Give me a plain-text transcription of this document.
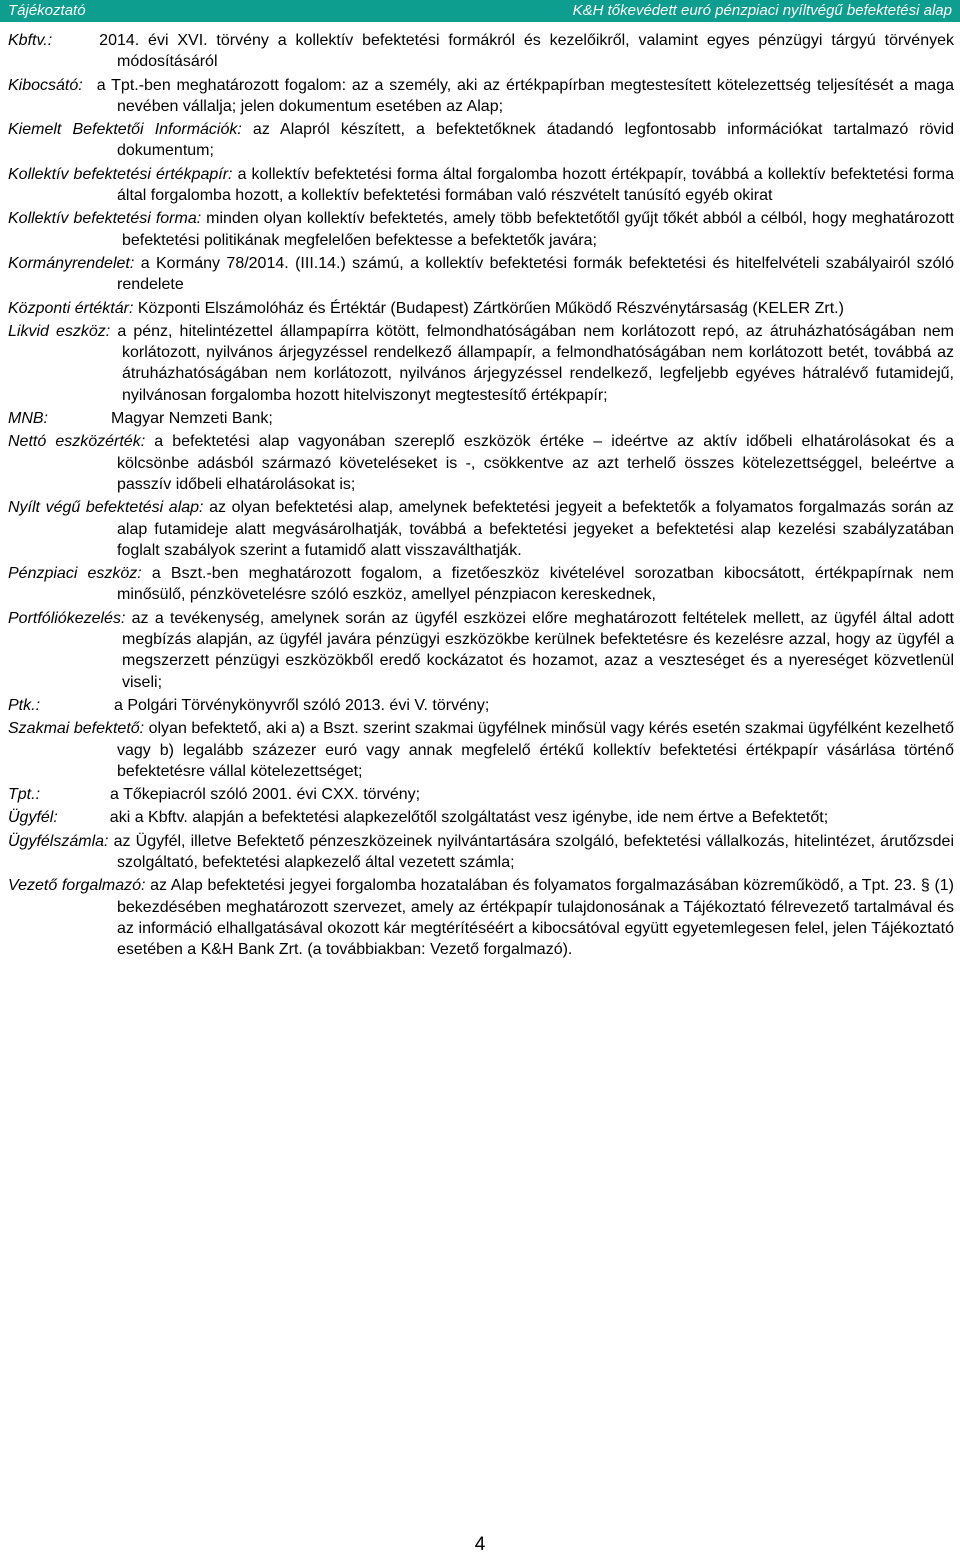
Tájékoztató	K&H tőkevédett euró pénzpiaci nyíltvégű befektetési alap
Kbftv.:	2014. évi XVI. törvény a kollektív befektetési formákról és kezelőikről, valamint egyes pénzügyi tárgyú törvények módosításáról
Kibocsátó: a Tpt.-ben meghatározott fogalom: az a személy, aki az értékpapírban megtestesített kötelezettség teljesítését a maga nevében vállalja; jelen dokumentum esetében az Alap;
Kiemelt Befektetői Információk: az Alapról készített, a befektetőknek átadandó legfontosabb információkat tartalmazó rövid dokumentum;
Kollektív befektetési értékpapír: a kollektív befektetési forma által forgalomba hozott értékpapír, továbbá a kollektív befektetési forma által forgalomba hozott, a kollektív befektetési formában való részvételt tanúsító egyéb okirat
Kollektív befektetési forma: minden olyan kollektív befektetés, amely több befektetőtől gyűjt tőkét abból a célból, hogy meghatározott befektetési politikának megfelelően befektesse a befektetők javára;
Kormányrendelet: a Kormány 78/2014. (III.14.) számú, a kollektív befektetési formák befektetési és hitelfelvételi szabályairól szóló rendelete
Központi értéktár: Központi Elszámolóház és Értéktár (Budapest) Zártkörűen Működő Részvénytársaság (KELER Zrt.)
Likvid eszköz: a pénz, hitelintézettel állampapírra kötött, felmondhatóságában nem korlátozott repó, az átruházhatóságában nem korlátozott, nyilvános árjegyzéssel rendelkező állampapír, a felmondhatóságában nem korlátozott betét, továbbá az átruházhatóságában nem korlátozott, nyilvános árjegyzéssel rendelkező, legfeljebb egyéves hátralévő futamidejű, nyilvánosan forgalomba hozott hitelviszonyt megtestesítő értékpapír;
MNB:	Magyar Nemzeti Bank;
Nettó eszközérték: a befektetési alap vagyonában szereplő eszközök értéke – ideértve az aktív időbeli elhatárolásokat és a kölcsönbe adásból származó követeléseket is -, csökkentve az azt terhelő összes kötelezettséggel, beleértve a passzív időbeli elhatárolásokat is;
Nyílt végű befektetési alap: az olyan befektetési alap, amelynek befektetési jegyeit a befektetők a folyamatos forgalmazás során az alap futamideje alatt megvásárolhatják, továbbá a befektetési jegyeket a befektetési alap kezelési szabályzatában foglalt szabályok szerint a futamidő alatt visszaválthatják.
Pénzpiaci eszköz: a Bszt.-ben meghatározott fogalom, a fizetőeszköz kivételével sorozatban kibocsátott, értékpapírnak nem minősülő, pénzkövetelésre szóló eszköz, amellyel pénzpiacon kereskednek,
Portfóliókezelés: az a tevékenység, amelynek során az ügyfél eszközei előre meghatározott feltételek mellett, az ügyfél által adott megbízás alapján, az ügyfél javára pénzügyi eszközökbe kerülnek befektetésre és kezelésre azzal, hogy az ügyfél a megszerzett pénzügyi eszközökből eredő kockázatot és hozamot, azaz a veszteséget és a nyereséget közvetlenül viseli;
Ptk.:	a Polgári Törvénykönyvről szóló 2013. évi V. törvény;
Szakmai befektető: olyan befektető, aki a) a Bszt. szerint szakmai ügyfélnek minősül vagy kérés esetén szakmai ügyfélként kezelhető vagy b) legalább százezer euró vagy annak megfelelő értékű kollektív befektetési értékpapír vásárlása történő befektetésre vállal kötelezettséget;
Tpt.:	a Tőkepiacról szóló 2001. évi CXX. törvény;
Ügyfél:	aki a Kbftv. alapján a befektetési alapkezelőtől szolgáltatást vesz igénybe, ide nem értve a Befektetőt;
Ügyfélszámla: az Ügyfél, illetve Befektető pénzeszközeinek nyilvántartására szolgáló, befektetési vállalkozás, hitelintézet, árutőzsdei szolgáltató, befektetési alapkezelő által vezetett számla;
Vezető forgalmazó: az Alap befektetési jegyei forgalomba hozatalában és folyamatos forgalmazásában közreműködő, a Tpt. 23. § (1) bekezdésében meghatározott szervezet, amely az értékpapír tulajdonosának a Tájékoztató félrevezető tartalmával és az információ elhallgatásával okozott kár megtérítéséért a kibocsátóval együtt egyetemlegesen felel, jelen Tájékoztató esetében a K&H Bank Zrt. (a továbbiakban: Vezető forgalmazó).
4
